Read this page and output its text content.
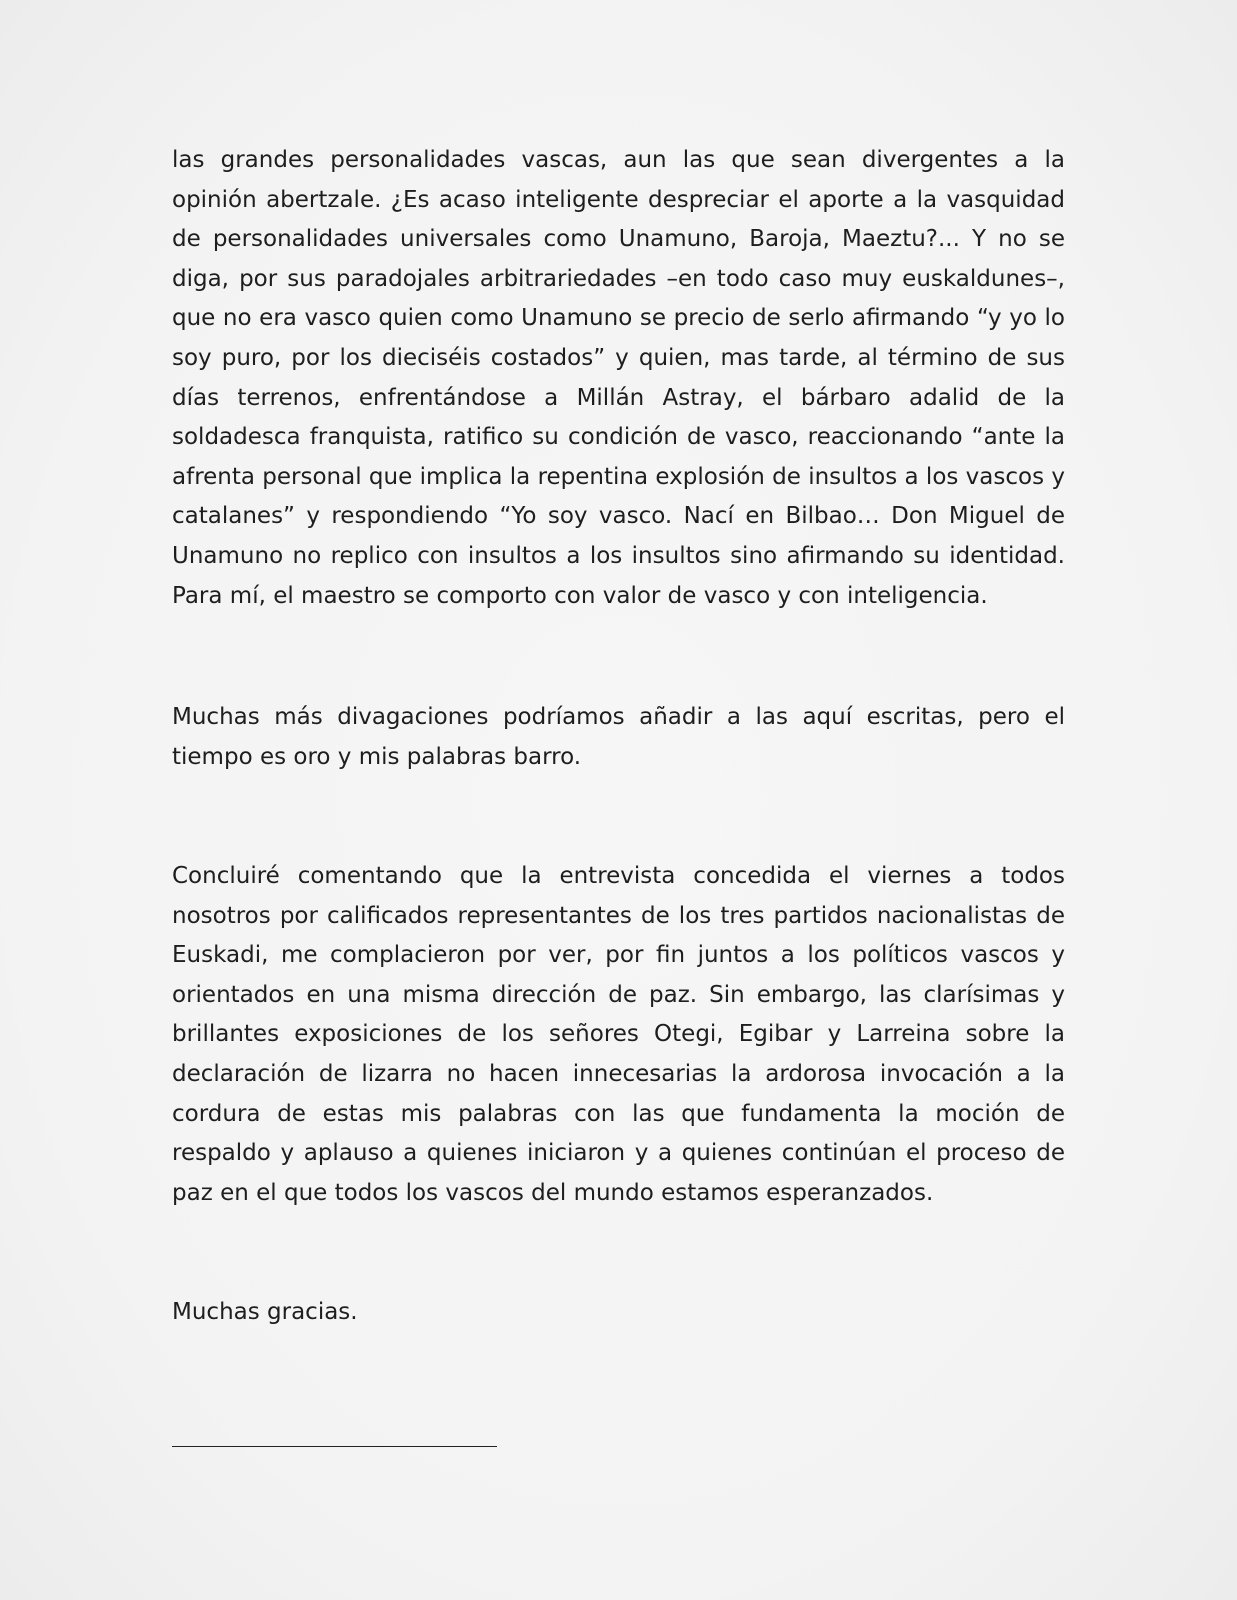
las grandes personalidades vascas, aun las que sean divergentes a la opinión abertzale. ¿Es acaso inteligente despreciar el aporte a la vasquidad de personalidades universales como Unamuno, Baroja, Maeztu?... Y no se diga, por sus paradojales arbitrariedades –en todo caso muy euskaldunes–, que no era vasco quien como Unamuno se precio de serlo afirmando “y yo lo soy puro, por los dieciséis costados” y quien, mas tarde, al término de sus días terrenos, enfrentándose a Millán Astray, el bárbaro adalid de la soldadesca franquista, ratifico su condición de vasco, reaccionando “ante la afrenta personal que implica la repentina explosión de insultos a los vascos y catalanes” y respondiendo “Yo soy vasco. Nací en Bilbao… Don Miguel de Unamuno no replico con insultos a los insultos sino afirmando su identidad. Para mí, el maestro se comporto con valor de vasco y con inteligencia.

Muchas más divagaciones podríamos añadir a las aquí escritas, pero el tiempo es oro y mis palabras barro.

Concluiré comentando que la entrevista concedida el viernes a todos nosotros por calificados representantes de los tres partidos nacionalistas de Euskadi, me complacieron por ver, por fin juntos a los políticos vascos y orientados en una misma dirección de paz. Sin embargo, las clarísimas y brillantes exposiciones de los señores Otegi, Egibar y Larreina sobre la declaración de lizarra no hacen innecesarias la ardorosa invocación a la cordura de estas mis palabras con las que fundamenta la moción de respaldo y aplauso a quienes iniciaron y a quienes continúan el proceso de paz en el que todos los vascos del mundo estamos esperanzados.

Muchas gracias.
